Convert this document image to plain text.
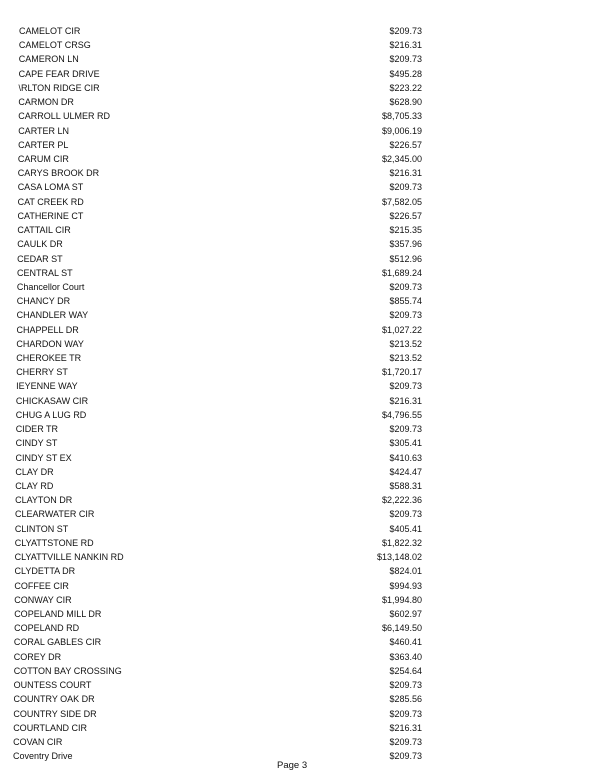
CAMELOT CIR	$209.73
CAMELOT CRSG	$216.31
CAMERON LN	$209.73
CAPE FEAR DRIVE	$495.28
\RLTON RIDGE CIR	$223.22
CARMON DR	$628.90
CARROLL ULMER RD	$8,705.33
CARTER LN	$9,006.19
CARTER PL	$226.57
CARUM CIR	$2,345.00
CARYS BROOK DR	$216.31
CASA LOMA ST	$209.73
CAT CREEK RD	$7,582.05
CATHERINE CT	$226.57
CATTAIL CIR	$215.35
CAULK DR	$357.96
CEDAR ST	$512.96
CENTRAL ST	$1,689.24
Chancellor Court	$209.73
CHANCY DR	$855.74
CHANDLER WAY	$209.73
CHAPPELL DR	$1,027.22
CHARDON WAY	$213.52
CHEROKEE TR	$213.52
CHERRY ST	$1,720.17
IEYENNE WAY	$209.73
CHICKASAW CIR	$216.31
CHUG A LUG RD	$4,796.55
CIDER TR	$209.73
CINDY ST	$305.41
CINDY ST EX	$410.63
CLAY DR	$424.47
CLAY RD	$588.31
CLAYTON DR	$2,222.36
CLEARWATER CIR	$209.73
CLINTON ST	$405.41
CLYATTSTONE RD	$1,822.32
CLYATTVILLE NANKIN RD	$13,148.02
CLYDETTA DR	$824.01
COFFEE CIR	$994.93
CONWAY CIR	$1,994.80
COPELAND MILL DR	$602.97
COPELAND RD	$6,149.50
CORAL GABLES CIR	$460.41
COREY DR	$363.40
COTTON BAY CROSSING	$254.64
OUNTESS COURT	$209.73
COUNTRY OAK DR	$285.56
COUNTRY SIDE DR	$209.73
COURTLAND CIR	$216.31
COVAN CIR	$209.73
Coventry Drive	$209.73
Page 3
